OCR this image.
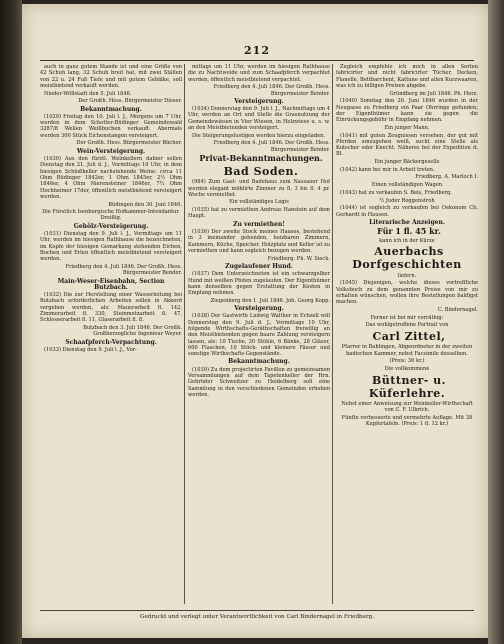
212

auch in ganz gutem Stande ist und eine Größe von 42 Schuh lang, 32 Schuh breit hat, mit zwei Ställen von 22 u. 24 Fuß Tiefe und mit gutem Gebälke, soll meistbietend verkauft werden.

Nieder-Wöllstadt den 5. Juli 1846.

Der Großh. Hess. Bürgermeister Dieser.

Bekanntmachung.

(1029) Freitag den 10. Juli l. J., Morgens um 7 Uhr, werden in dem Schotter-Büdinger Gemeindewald 3287/8 Wellen Weißbuchen verkauft. Abermals werden 300 Stück Eichenstangen versteigert.

Der Großh. Hess. Bürgermeister Bücher.

Wein-Versteigerung.

(1030) Aus den fürstl. Weinkellern dahier sollen Dienstag den 21. Juli d. J., Vormittags 10 Uhr, in dem hiesigen Schloßkeller nachstehende Weine: circa 11 Ohm Büdinger 1842er, 1 Ohm 1845er, 2½ Ohm 1846er, 4 Ohm Nierensteiner 1846er, 7½ Ohm Hochheimer 17der, öffentlich meistbietend versteigert werden.

Büdingen den 30. Juni 1846.

Die Fürstlich Isenburgische Hofkammer-Intendantur. Dreißig.

Gehölz-Versteigerung.

(1031) Dienstag den 9. Juli l. J., Vormittags um 11 Uhr, werden im hiesigen Rathhause die bezeichneten, im Kopfe der hiesigen Gemarkung stehenden Eichen, Buchen und Erlen öffentlich meistbietend versteigert werden.

Friedberg den 4. Juli 1846. Der Großh. Hess. Bürgermeister Bender.

Main-Weser-Eisenbahn, Section Butzbach.

(1032) Die zur Herstellung einer Wasserleitung bei Butzbach erforderlichen Arbeiten sollen in Akkord vergeben werden, als: Mauerarbeit fl. 142, Zimmerarbeit fl. 330, Steinmetzarbeit fl. 47, Schlosserarbeit fl. 11, Glaserarbeit fl. 8.

Butzbach den 3. Juli 1846. Der Großh. Großherzogliche Ingenieur Weyer.

Schaafpferch-Verpachtung.

(1033) Dienstag den 9. Juli l. J., Vor-

mittags um 11 Uhr, werden im hiesigen Rathhause die zu Nachtweide und zum Schaafpferch verpachtet werden, öffentlich meistbietend verpachtet.

Friedberg den 4. Juli 1846. Der Großh. Hess. Bürgermeister Bender.

Versteigerung.

(1034) Donnerstag den 9. Juli l. J., Nachmittags um 4 Uhr, werden an Ort und Stelle die Grasnutzung der Gemeindewiesen in Vier Wiesen, in Holzwiese u. s. w. an den Meistbietenden versteigert.

Die Steigerungslustigen werden hierzu eingeladen.

Friedberg den 4. Juli 1846. Der Großh. Hess. Bürgermeister Bender.

Privat-Bekanntmachungen.

Bad Soden.

(984) Zum Gast- und Badehaus zum Nassauer Hof werden elegant möblirte Zimmer zu fl. 3 bis fl. 4 pr. Woche vermiethet.

Ein vollständiges Logis

(1035) hat zu vermiethen Andreas Hanstein auf dem Haupt.

Zu vermiethen!

(1036) Der zweite Stock meines Hauses, bestehend in 3 ineinander gehenden, heizbaren Zimmern, Kammern, Küche, Speicher, Holzplatz und Keller ist zu vermiethen und kann sogleich bezogen werden.

Friedberg. Ph. W. Sieck.

Zugelaufener Hund.

(1037) Dem Unterzeichneten ist ein schwarzgelber Hund mit weißen Pfoten zugelaufen. Der Eigenthümer kann denselben gegen Erstattung der Kosten in Empfang nehmen.

Ziegenberg den 1. Juli 1846. Joh. Georg Kopp.

Versteigerung.

(1038) Der Gastwirth Ludwig Walther in Echzell will Donnerstag den 9. Juli d. J., Vormittags 10 Uhr, folgende Wirthschafts-Geräthschaften freiwillig an den Meistbietenden gegen baare Zahlung versteigern lassen, als: 10 Tische, 30 Stühle, 6 Bänke, 28 Gläser, 600 Flaschen, 10 Stück- und kleinere Fässer und sonstige Wirthschafts-Gegenstände.

Bekanntmachung.

(1039) Zu dem projectirten Pavillon zu gemeinsamen Versammlungen auf dem Tapetenkeller der Hrn. Gebrüder Schweitzer zu Heidelberg soll eine Sammlung in den verschiedenen Gemeinden erhoben werden.

Zugleich empfehle ich mich in allen Sorten fabricirter und nicht fabricirter Tücher, Decken, Flanelle, Bettbarchent, Kattune und allen Kurzwaaren, was ich zu billigen Preisen abgebe.

Gründberg im Juli 1846. Ph. Herz.

(1040) Sonntag den 26. Juni 1846 wurden in der Neugasse zu Friedberg ein Paar Ohrringe gefunden; der Eigenthümer kann sie gegen die Einrückungsgebühr in Empfang nehmen.

Ein junger Mann,

(1041) mit guten Zeugnissen versehen, der gut mit Pferden umzugehen weiß, sucht eine Stelle als Kutscher oder Knecht. Näheres bei der Expedition d. Bl.

Ein junger Bäckergeselle

(1042) kann bei mir in Arbeit treten.

Friedberg. A. Marloch I.

Einen vollständigen Wagen

(1043) hat zu verkaufen S. Beis, Friedberg.

½ Juder Roggenstroh

(1044) ist sogleich zu verkaufen bei Oekonom Ch. Gerhardt in Hausen.

Literarische Anzeigen.

Für 1 fl. 45 kr.

kann ich in der Kürze

Auerbachs Dorfgeschichten

liefern.

(1045) Diejenigen, welche dieses vortreffliche Volksbuch zu dem genannten Preise von mir zu erhalten wünschen, wollen ihre Bestellungen baldigst machen.

C. Bindernagel.

Ferner ist bei mir vorräthig:

Das wohlgetroffene Portrait von

Carl Zittel,

Pfarrer in Bahlingen, Abgeordneter in der zweiten badischen Kammer, nebst Facsimile desselben.

(Preis: 36 kr.)

Die vollkommene

Büttner- u. Küferlehre.

Nebst einer Anweisung zur Weinkeller-Wirthschaft von C. F. Ulbrich.

Fünfte verbesserte und vermehrte Auflage. Mit 38 Kupfertafeln. (Preis: 1 fl. 12 kr.)

Gedruckt und verlegt unter Verantwortlichkeit von Carl Bindernagel in Friedberg.
